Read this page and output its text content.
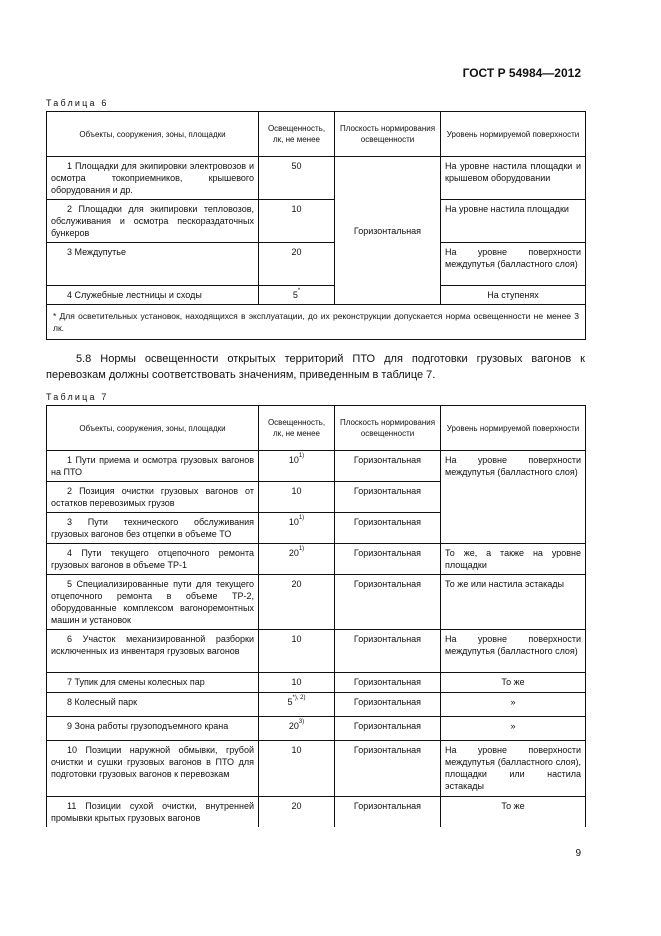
ГОСТ Р 54984—2012
Таблица 6
Объекты, сооружения, зоны, площадки	Освещенность, лк, не менее	Плоскость нормирования освещенности	Уровень нормируемой поверхности
1 Площадки для экипировки электровозов и осмотра токоприемников, крышевого оборудования и др.	50	Горизонтальная	На уровне настила площадки и крышевом оборудовании
2 Площадки для экипировки тепловозов, обслуживания и осмотра пескораздаточных бункеров	10		На уровне настила площадки
3 Междупутье	20		На уровне поверхности междупутья (балластного слоя)
4 Служебные лестницы и сходы	5*		На ступенях
* Для осветительных установок, находящихся в эксплуатации, до их реконструкции допускается норма освещенности не менее 3 лк.			
5.8 Нормы освещенности открытых территорий ПТО для подготовки грузовых вагонов к перевозкам должны соответствовать значениям, приведенным в таблице 7.
Таблица 7
Объекты, сооружения, зоны, площадки	Освещенность, лк, не менее	Плоскость нормирования освещенности	Уровень нормируемой поверхности
1 Пути приема и осмотра грузовых вагонов на ПТО	10$^{1)}$	Горизонтальная	На уровне поверхности междупутья (балластного слоя)
2 Позиция очистки грузовых вагонов от остатков перевозимых грузов	10	Горизонтальная	
3 Пути технического обслуживания грузовых вагонов без отцепки в объеме ТО	10$^{1)}$	Горизонтальная	
4 Пути текущего отцепочного ремонта грузовых вагонов в объеме ТР-1	20$^{1)}$	Горизонтальная	То же, а также на уровне площадки
5 Специализированные пути для текущего отцепочного ремонта в объеме ТР-2, оборудованные комплексом вагоноремонтных машин и установок	20	Горизонтальная	То же или настила эстакады
6 Участок механизированной разборки исключенных из инвентаря грузовых вагонов	10	Горизонтальная	На уровне поверхности междупутья (балластного слоя)
7 Тупик для смены колесных пар	10	Горизонтальная	То же
8 Колесный парк	$5^{*), 2)}$	Горизонтальная	»
9 Зона работы грузоподъемного крана	20$^{3)}$	Горизонтальная	»
10 Позиции наружной обмывки, грубой очистки и сушки грузовых вагонов в ПТО для подготовки грузовых вагонов к перевозкам	10	Горизонтальная	На уровне поверхности междупутья (балластного слоя), площадки или настила эстакады
11 Позиции сухой очистки, внутренней промывки крытых грузовых вагонов	20	Горизонтальная	То же
9
